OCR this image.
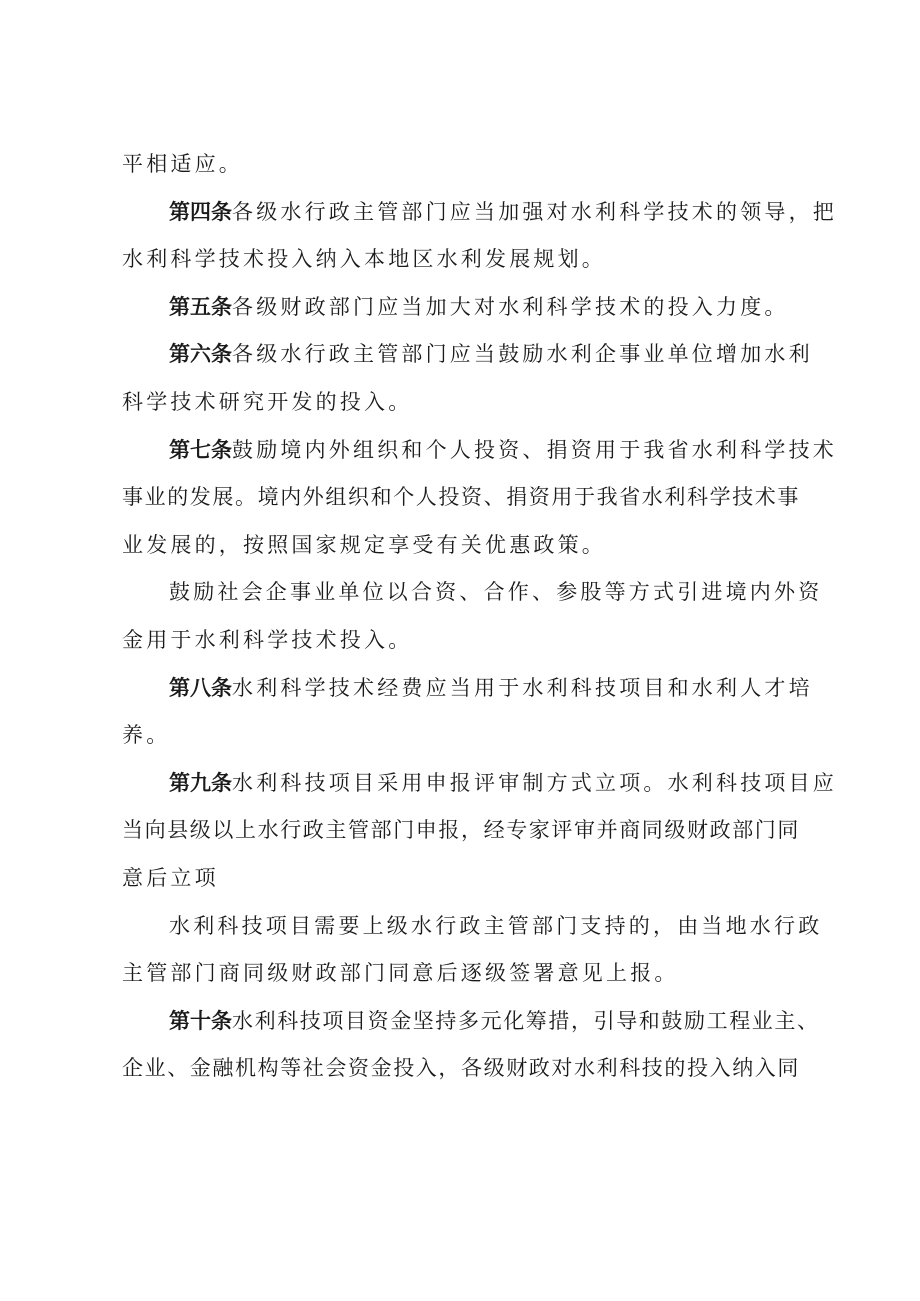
平相适应。
第四条各级水行政主管部门应当加强对水利科学技术的领导，把
水利科学技术投入纳入本地区水利发展规划。
第五条各级财政部门应当加大对水利科学技术的投入力度。
第六条各级水行政主管部门应当鼓励水利企事业单位增加水利
科学技术研究开发的投入。
第七条鼓励境内外组织和个人投资、捐资用于我省水利科学技术
事业的发展。境内外组织和个人投资、捐资用于我省水利科学技术事
业发展的，按照国家规定享受有关优惠政策。
鼓励社会企事业单位以合资、合作、参股等方式引进境内外资
金用于水利科学技术投入。
第八条水利科学技术经费应当用于水利科技项目和水利人才培
养。
第九条水利科技项目采用申报评审制方式立项。水利科技项目应
当向县级以上水行政主管部门申报，经专家评审并商同级财政部门同
意后立项
水利科技项目需要上级水行政主管部门支持的，由当地水行政
主管部门商同级财政部门同意后逐级签署意见上报。
第十条水利科技项目资金坚持多元化筹措，引导和鼓励工程业主、
企业、金融机构等社会资金投入，各级财政对水利科技的投入纳入同
